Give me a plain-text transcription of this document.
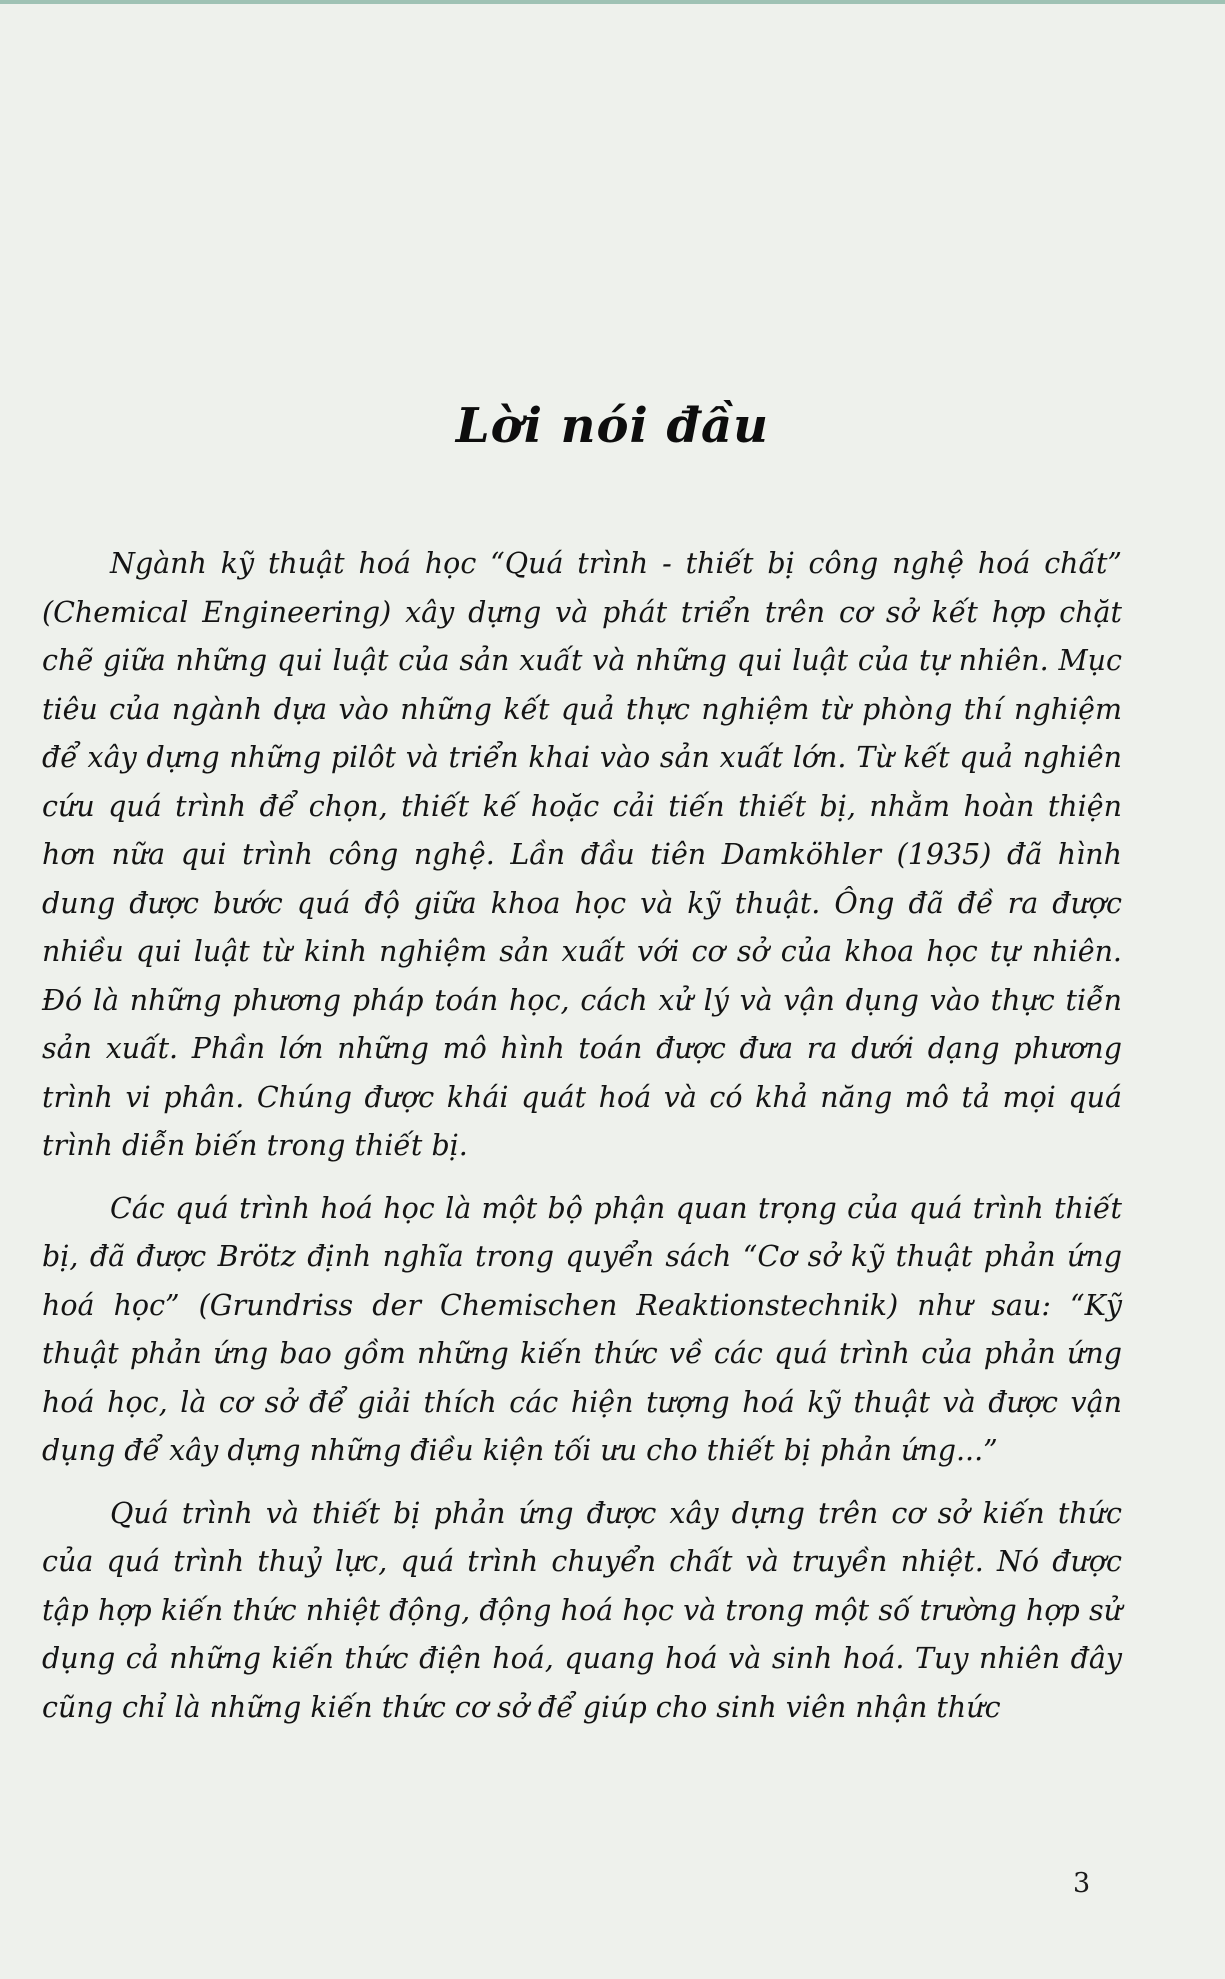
Lời nói đầu

Ngành kỹ thuật hoá học “Quá trình - thiết bị công nghệ hoá chất” (Chemical Engineering) xây dựng và phát triển trên cơ sở kết hợp chặt chẽ giữa những qui luật của sản xuất và những qui luật của tự nhiên. Mục tiêu của ngành dựa vào những kết quả thực nghiệm từ phòng thí nghiệm để xây dựng những pilôt và triển khai vào sản xuất lớn. Từ kết quả nghiên cứu quá trình để chọn, thiết kế hoặc cải tiến thiết bị, nhằm hoàn thiện hơn nữa qui trình công nghệ. Lần đầu tiên Damköhler (1935) đã hình dung được bước quá độ giữa khoa học và kỹ thuật. Ông đã đề ra được nhiều qui luật từ kinh nghiệm sản xuất với cơ sở của khoa học tự nhiên. Đó là những phương pháp toán học, cách xử lý và vận dụng vào thực tiễn sản xuất. Phần lớn những mô hình toán được đưa ra dưới dạng phương trình vi phân. Chúng được khái quát hoá và có khả năng mô tả mọi quá trình diễn biến trong thiết bị.

Các quá trình hoá học là một bộ phận quan trọng của quá trình thiết bị, đã được Brötz định nghĩa trong quyển sách “Cơ sở kỹ thuật phản ứng hoá học” (Grundriss der Chemischen Reaktionstechnik) như sau: “Kỹ thuật phản ứng bao gồm những kiến thức về các quá trình của phản ứng hoá học, là cơ sở để giải thích các hiện tượng hoá kỹ thuật và được vận dụng để xây dựng những điều kiện tối ưu cho thiết bị phản ứng...”

Quá trình và thiết bị phản ứng được xây dựng trên cơ sở kiến thức của quá trình thuỷ lực, quá trình chuyển chất và truyền nhiệt. Nó được tập hợp kiến thức nhiệt động, động hoá học và trong một số trường hợp sử dụng cả những kiến thức điện hoá, quang hoá và sinh hoá. Tuy nhiên đây cũng chỉ là những kiến thức cơ sở để giúp cho sinh viên nhận thức

3
